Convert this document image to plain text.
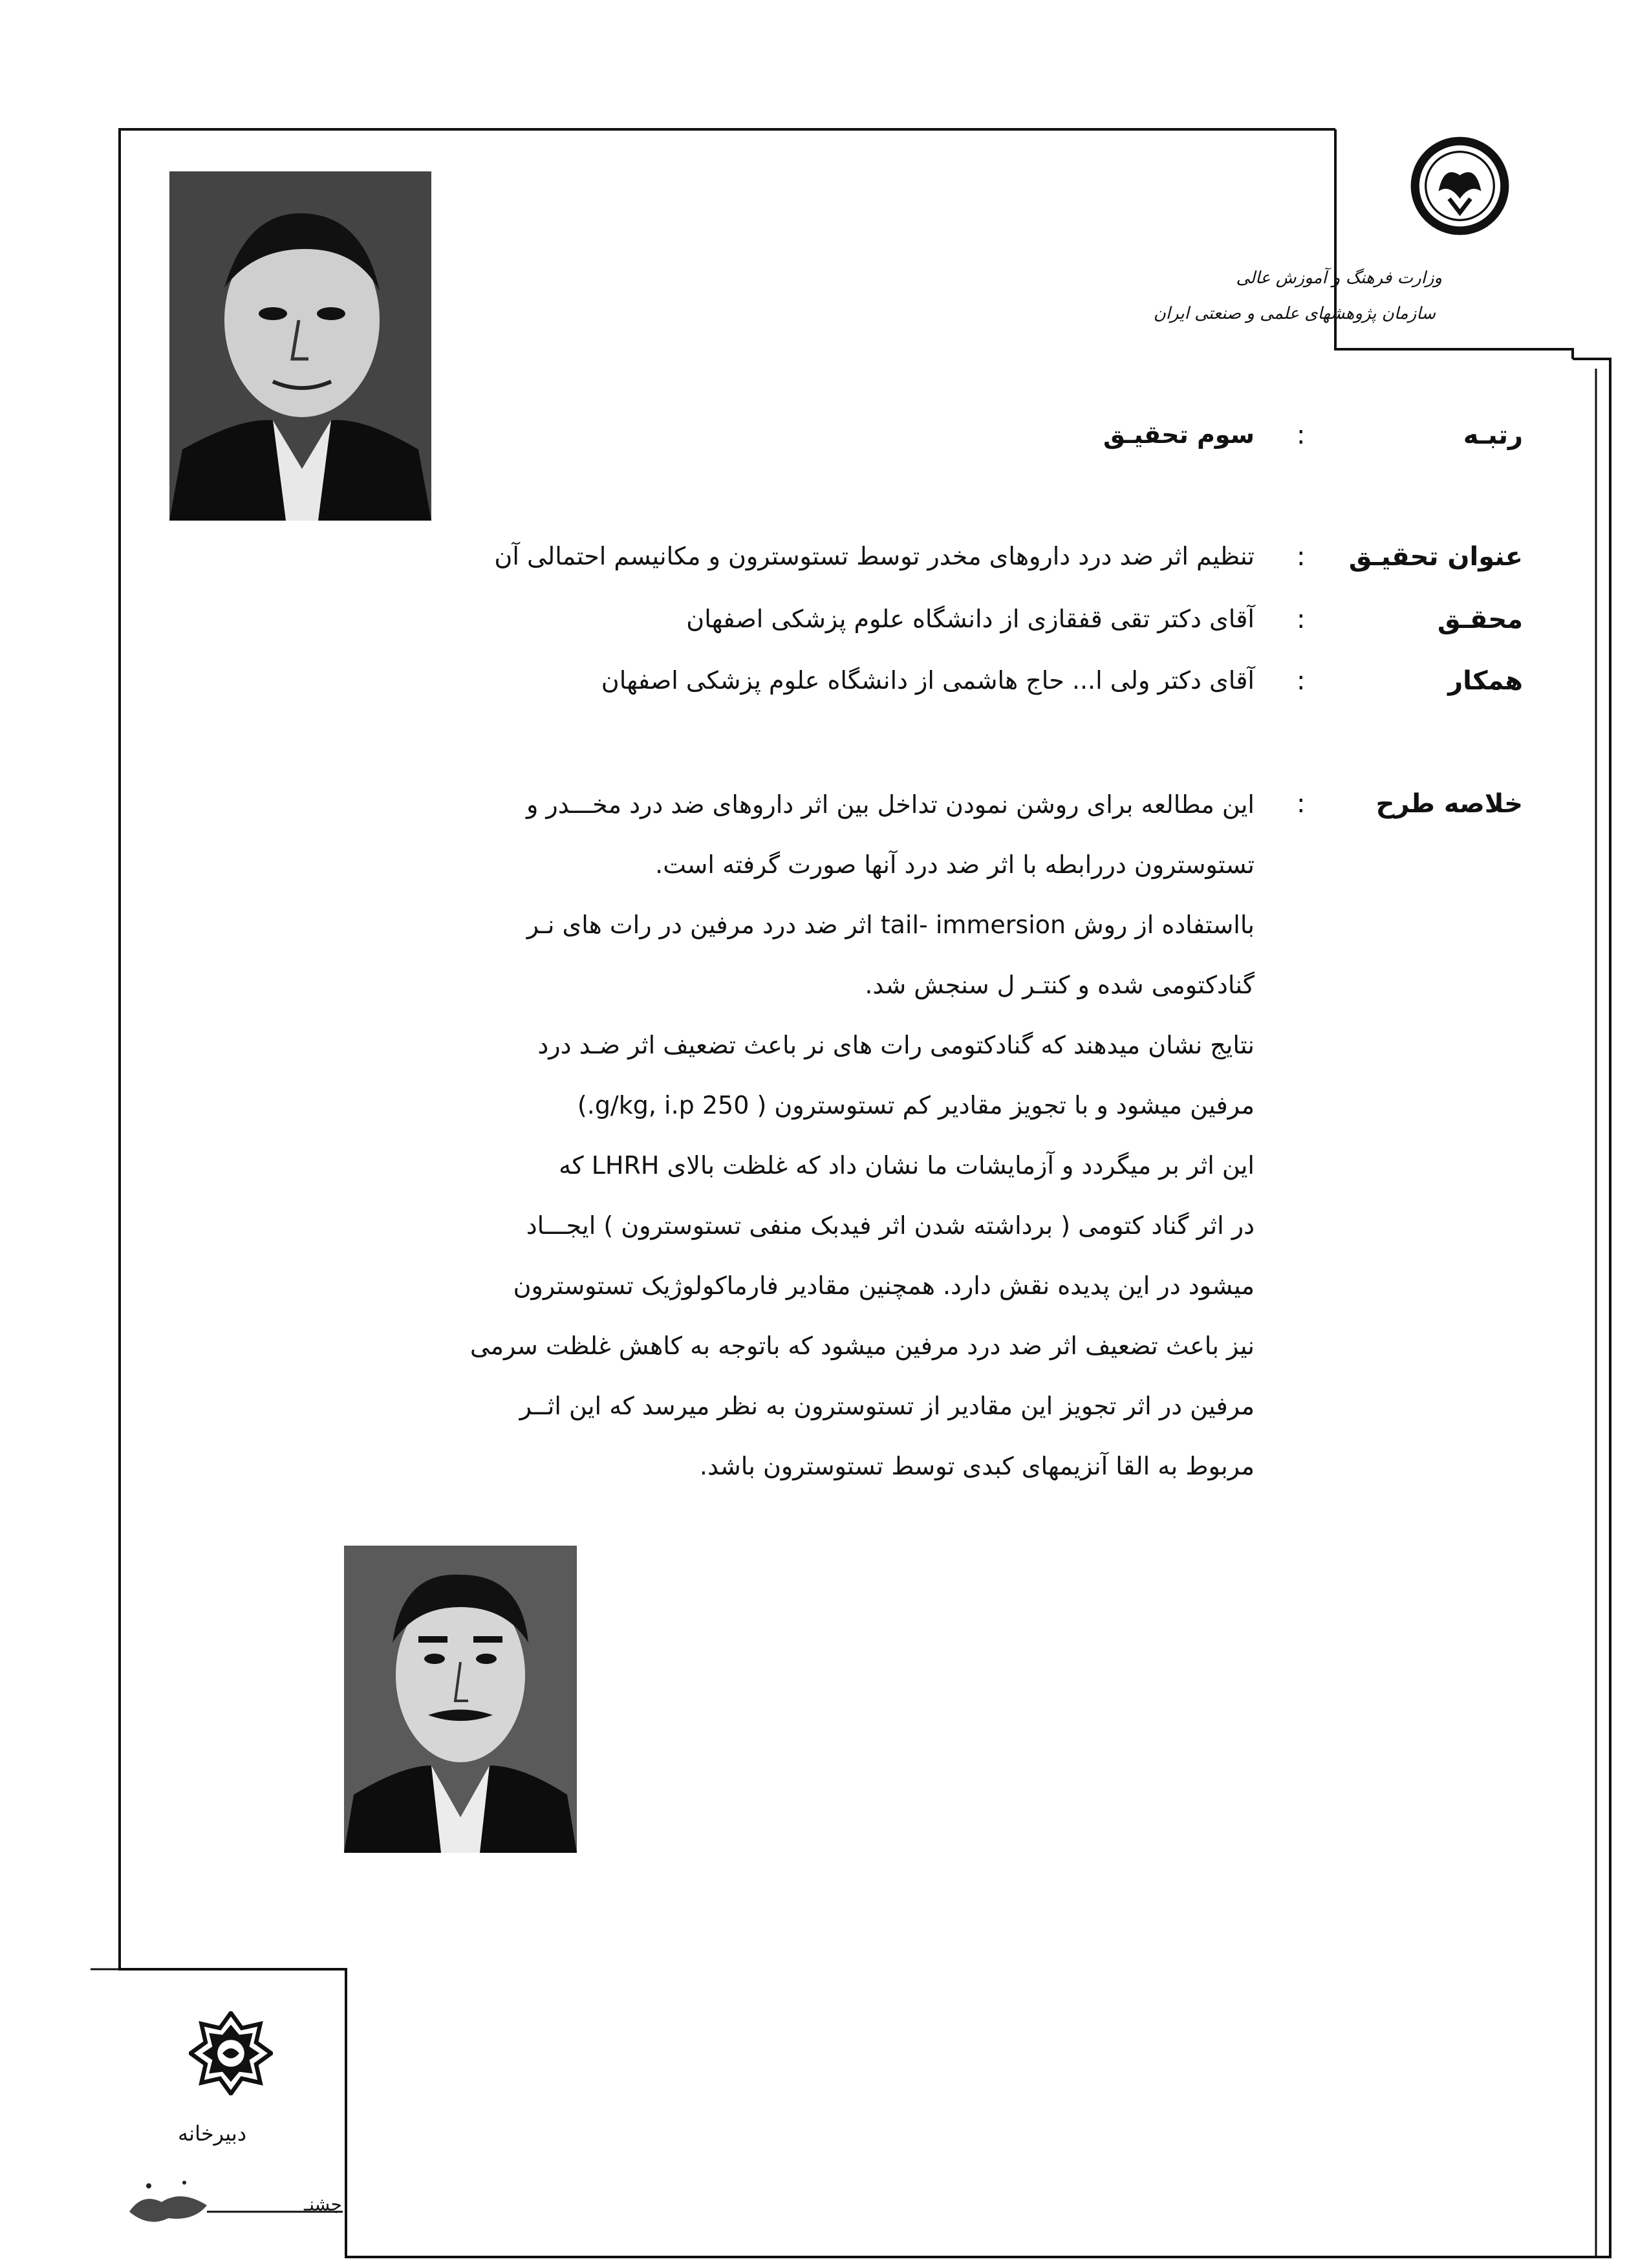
وزارت فرهنگ و آموزش عالی
سازمان پژوهشهای علمی و صنعتی ایران
رتبـه
:
سوم تحقیـق
عنوان تحقیـق
:
تنظیم اثر ضد درد داروهای مخدر توسط تستوسترون و مکانیسم احتمالی آن
محقـق
:
آقای دکتر تقی قفقازی از دانشگاه علوم پزشکی اصفهان
همکار
:
آقای دکتر ولی ا... حاج هاشمی از دانشگاه علوم پزشکی اصفهان
خلاصه طرح
:
این مطالعه برای روشن نمودن تداخل بین اثر داروهای ضد درد مخـــدر و
تستوسترون دررابطه با اثر ضد درد آنها صورت گرفته است.
بااستفاده از روش tail- immersion اثر ضد درد مرفین در رات های نـر
گنادکتومی شده و کنتـر ل سنجش شد.
نتایج نشان میدهند که گنادکتومی رات های نر باعث تضعیف اثر ضـد درد
مرفین میشود و با تجویز مقادیر کم تستوسترون ( 250 g/kg, i.p.)
این اثر بر میگردد و آزمایشات ما نشان داد که غلظت بالای LHRH که
در اثر گناد کتومی ( برداشته شدن اثر فیدبک منفی تستوسترون ) ایجـــاد
میشود در این پدیده نقش دارد. همچنین مقادیر فارماکولوژیک تستوسترون
نیز باعث تضعیف اثر ضد درد مرفین میشود که باتوجه به کاهش غلظت سرمی
مرفین در اثر تجویز این مقادیر از تستوسترون به نظر میرسد که این اثــر
مربوط به القا آنزیمهای کبدی توسط تستوسترون باشد.
دبیرخانه
جشنـ
